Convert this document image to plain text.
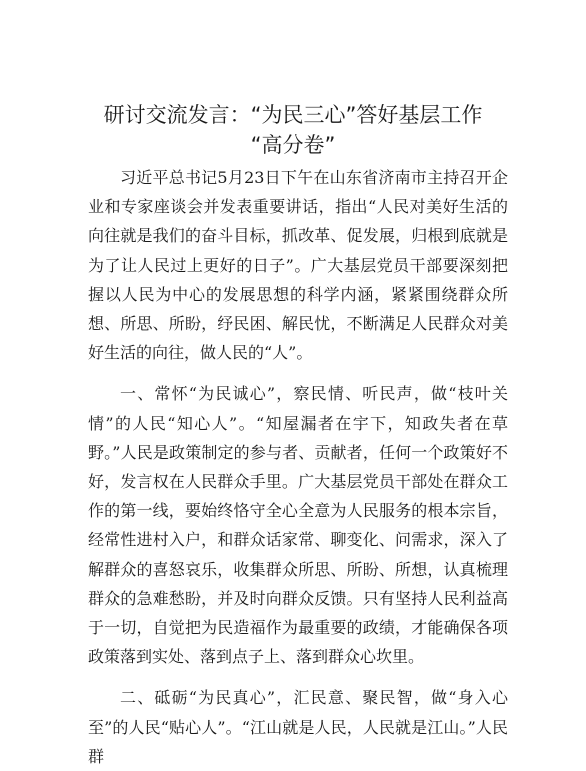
研讨交流发言：“为民三心”答好基层工作
“高分卷”

习近平总书记5月23日下午在山东省济南市主持召开企业和专家座谈会并发表重要讲话，指出“人民对美好生活的向往就是我们的奋斗目标，抓改革、促发展，归根到底就是为了让人民过上更好的日子”。广大基层党员干部要深刻把握以人民为中心的发展思想的科学内涵，紧紧围绕群众所想、所思、所盼，纾民困、解民忧，不断满足人民群众对美好生活的向往，做人民的“人”。

一、常怀“为民诚心”，察民情、听民声，做“枝叶关情”的人民“知心人”。“知屋漏者在宇下，知政失者在草野。”人民是政策制定的参与者、贡献者，任何一个政策好不好，发言权在人民群众手里。广大基层党员干部处在群众工作的第一线，要始终恪守全心全意为人民服务的根本宗旨，经常性进村入户，和群众话家常、聊变化、问需求，深入了解群众的喜怒哀乐，收集群众所思、所盼、所想，认真梳理群众的急难愁盼，并及时向群众反馈。只有坚持人民利益高于一切，自觉把为民造福作为最重要的政绩，才能确保各项政策落到实处、落到点子上、落到群众心坎里。

二、砥砺“为民真心”，汇民意、聚民智，做“身入心至”的人民“贴心人”。“江山就是人民，人民就是江山。”人民群
